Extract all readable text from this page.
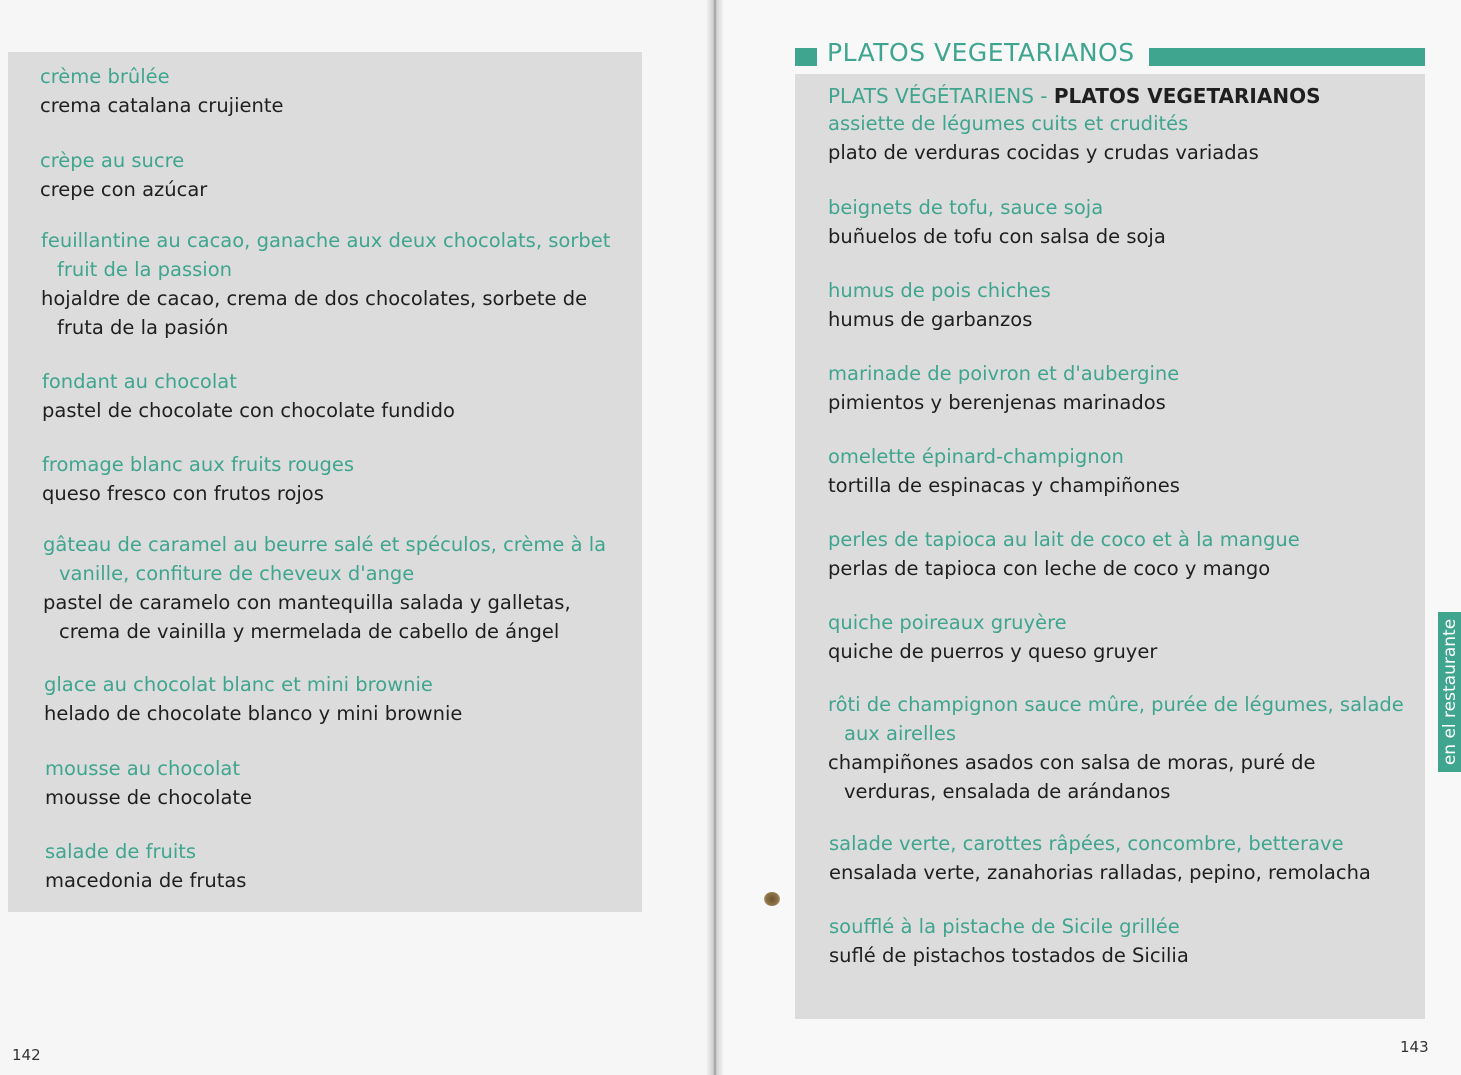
crème brûlée
crema catalana crujiente
crèpe au sucre
crepe con azúcar
feuillantine au cacao, ganache aux deux chocolats, sorbet fruit de la passion
hojaldre de cacao, crema de dos chocolates, sorbete de fruta de la pasión
fondant au chocolat
pastel de chocolate con chocolate fundido
fromage blanc aux fruits rouges
queso fresco con frutos rojos
gâteau de caramel au beurre salé et spéculos, crème à la vanille, confiture de cheveux d'ange
pastel de caramelo con mantequilla salada y galletas, crema de vainilla y mermelada de cabello de ángel
glace au chocolat blanc et mini brownie
helado de chocolate blanco y mini brownie
mousse au chocolat
mousse de chocolate
salade de fruits
macedonia de frutas
PLATOS VEGETARIANOS
PLATS VÉGÉTARIENS - PLATOS VEGETARIANOS
assiette de légumes cuits et crudités
plato de verduras cocidas y crudas variadas
beignets de tofu, sauce soja
buñuelos de tofu con salsa de soja
humus de pois chiches
humus de garbanzos
marinade de poivron et d'aubergine
pimientos y berenjenas marinados
omelette épinard-champignon
tortilla de espinacas y champiñones
perles de tapioca au lait de coco et à la mangue
perlas de tapioca con leche de coco y mango
quiche poireaux gruyère
quiche de puerros y queso gruyer
rôti de champignon sauce mûre, purée de légumes, salade aux airelles
champiñones asados con salsa de moras, puré de verduras, ensalada de arándanos
salade verte, carottes râpées, concombre, betterave
ensalada verte, zanahorias ralladas, pepino, remolacha
soufflé à la pistache de Sicile grillée
suflé de pistachos tostados de Sicilia
en el restaurante
142	143
